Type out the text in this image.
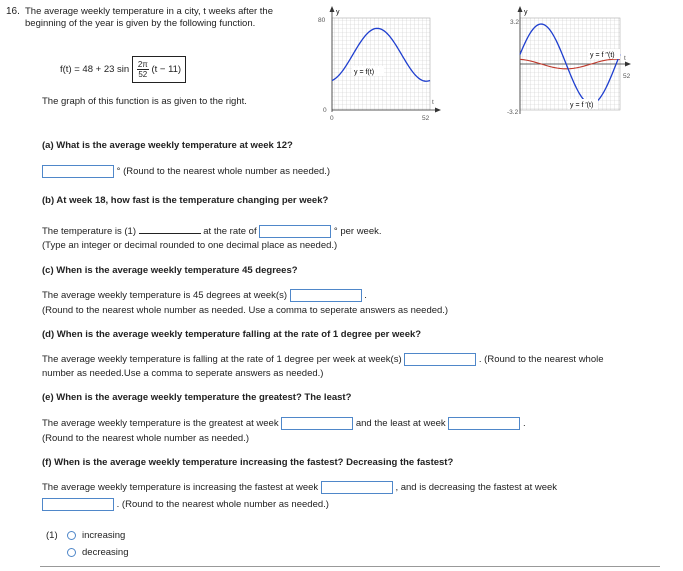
16. The average weekly temperature in a city, t weeks after the beginning of the year is given by the following function.
f(t) = 48 + 23 $\sin \frac{2\pi}{52} (t - 11)$
The graph of this function is as given to the right.
y
80
0
0	52
t
y = f(t)
y
3.2
-3.2
52
t
y = f ′′(t)
y = f ′(t)
(a) What is the average weekly temperature at week 12?
° (Round to the nearest whole number as needed.)
(b) At week 18, how fast is the temperature changing per week?
The temperature is (1)	at the rate of	° per week.
(Type an integer or decimal rounded to one decimal place as needed.)
(c) When is the average weekly temperature 45 degrees?
The average weekly temperature is 45 degrees at week(s)	.
(Round to the nearest whole number as needed. Use a comma to seperate answers as needed.)
(d) When is the average weekly temperature falling at the rate of 1 degree per week?
The average weekly temperature is falling at the rate of 1 degree per week at week(s)	. (Round to the nearest whole
number as needed.Use a comma to seperate answers as needed.)
(e) When is the average weekly temperature the greatest? The least?
The average weekly temperature is the greatest at week	and the least at week	.
(Round to the nearest whole number as needed.)
(f) When is the average weekly temperature increasing the fastest? Decreasing the fastest?
The average weekly temperature is increasing the fastest at week	, and is decreasing the fastest at week
. (Round to the nearest whole number as needed.)
(1)	increasing
decreasing
